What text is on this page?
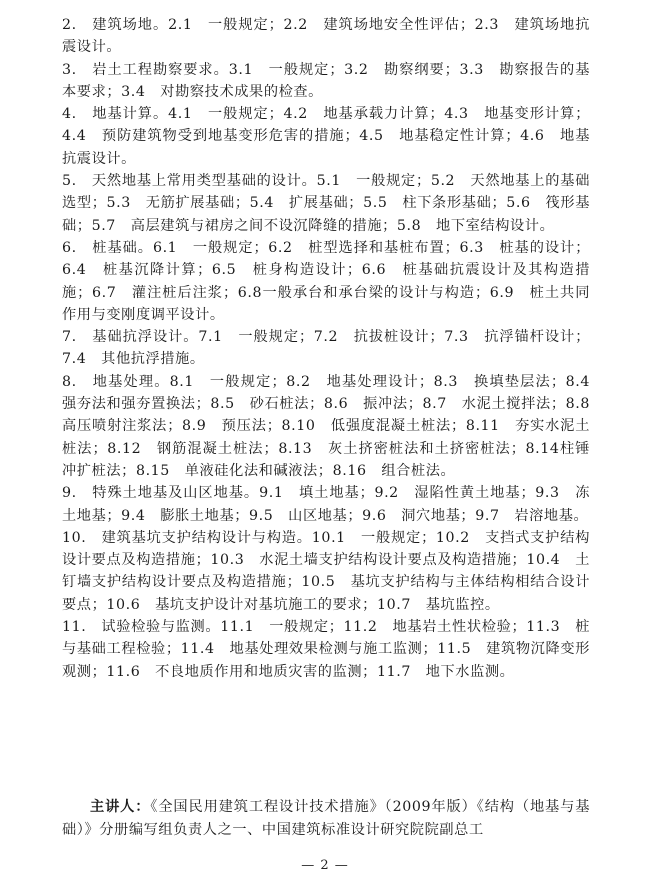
2.　建筑场地。2.1　一般规定；2.2　建筑场地安全性评估；2.3　建筑场地抗震设计。

3.　岩土工程勘察要求。3.1　一般规定；3.2　勘察纲要；3.3　勘察报告的基本要求；3.4　对勘察技术成果的检查。

4.　地基计算。4.1　一般规定；4.2　地基承载力计算；4.3　地基变形计算；4.4　预防建筑物受到地基变形危害的措施；4.5　地基稳定性计算；4.6　地基抗震设计。

5.　天然地基上常用类型基础的设计。5.1　一般规定；5.2　天然地基上的基础选型；5.3　无筋扩展基础；5.4　扩展基础；5.5　柱下条形基础；5.6　筏形基础；5.7　高层建筑与裙房之间不设沉降缝的措施；5.8　地下室结构设计。

6.　桩基础。6.1　一般规定；6.2　桩型选择和基桩布置；6.3　桩基的设计；6.4　桩基沉降计算；6.5　桩身构造设计；6.6　桩基础抗震设计及其构造措施；6.7　灌注桩后注浆；6.8一般承台和承台梁的设计与构造；6.9　桩土共同作用与变刚度调平设计。

7.　基础抗浮设计。7.1　一般规定；7.2　抗拔桩设计；7.3　抗浮锚杆设计；7.4　其他抗浮措施。

8.　地基处理。8.1　一般规定；8.2　地基处理设计；8.3　换填垫层法；8.4　强夯法和强夯置换法；8.5　砂石桩法；8.6　振冲法；8.7　水泥土搅拌法；8.8　高压喷射注浆法；8.9　预压法；8.10　低强度混凝土桩法；8.11　夯实水泥土桩法；8.12　钢筋混凝土桩法；8.13　灰土挤密桩法和土挤密桩法；8.14柱锤冲扩桩法；8.15　单液硅化法和碱液法；8.16　组合桩法。

9.　特殊土地基及山区地基。9.1　填土地基；9.2　湿陷性黄土地基；9.3　冻土地基；9.4　膨胀土地基；9.5　山区地基；9.6　洞穴地基；9.7　岩溶地基。

10.　建筑基坑支护结构设计与构造。10.1　一般规定；10.2　支挡式支护结构设计要点及构造措施；10.3　水泥土墙支护结构设计要点及构造措施；10.4　土钉墙支护结构设计要点及构造措施；10.5　基坑支护结构与主体结构相结合设计要点；10.6　基坑支护设计对基坑施工的要求；10.7　基坑监控。

11.　试验检验与监测。11.1　一般规定；11.2　地基岩土性状检验；11.3　桩与基础工程检验；11.4　地基处理效果检测与施工监测；11.5　建筑物沉降变形观测；11.6　不良地质作用和地质灾害的监测；11.7　地下水监测。

主讲人：《全国民用建筑工程设计技术措施》（2009年版）《结构（地基与基础）》分册编写组负责人之一、中国建筑标准设计研究院院副总工

— 2 —
